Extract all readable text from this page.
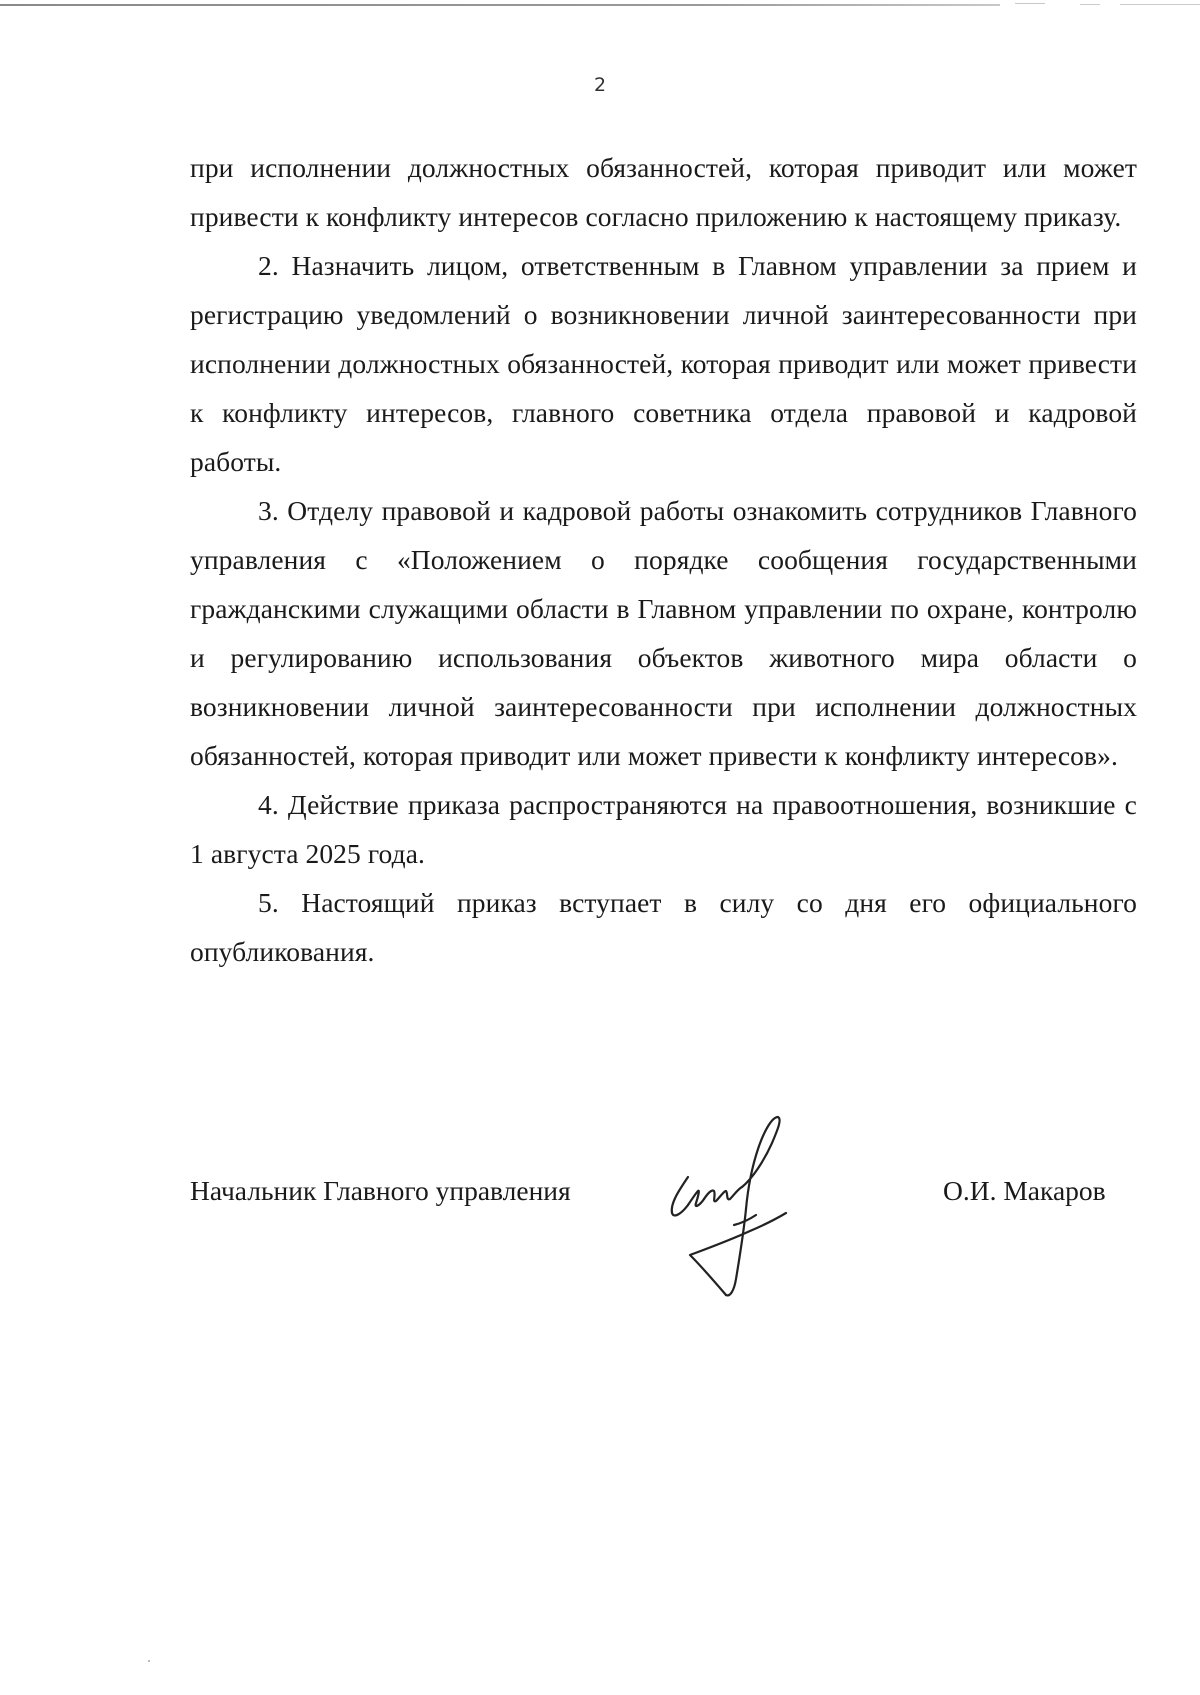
2

при исполнении должностных обязанностей, которая приводит или может привести к конфликту интересов согласно приложению к настоящему приказу.

2. Назначить лицом, ответственным в Главном управлении за прием и регистрацию уведомлений о возникновении личной заинтересованности при исполнении должностных обязанностей, которая приводит или может привести к конфликту интересов, главного советника отдела правовой и кадровой работы.

3. Отделу правовой и кадровой работы ознакомить сотрудников Главного управления с «Положением о порядке сообщения государственными гражданскими служащими области в Главном управлении по охране, контролю и регулированию использования объектов животного мира области о возникновении личной заинтересованности при исполнении должностных обязанностей, которая приводит или может привести к конфликту интересов».

4. Действие приказа распространяются на правоотношения, возникшие с 1 августа 2025 года.

5. Настоящий приказ вступает в силу со дня его официального опубликования.

Начальник Главного управления	О.И. Макаров
